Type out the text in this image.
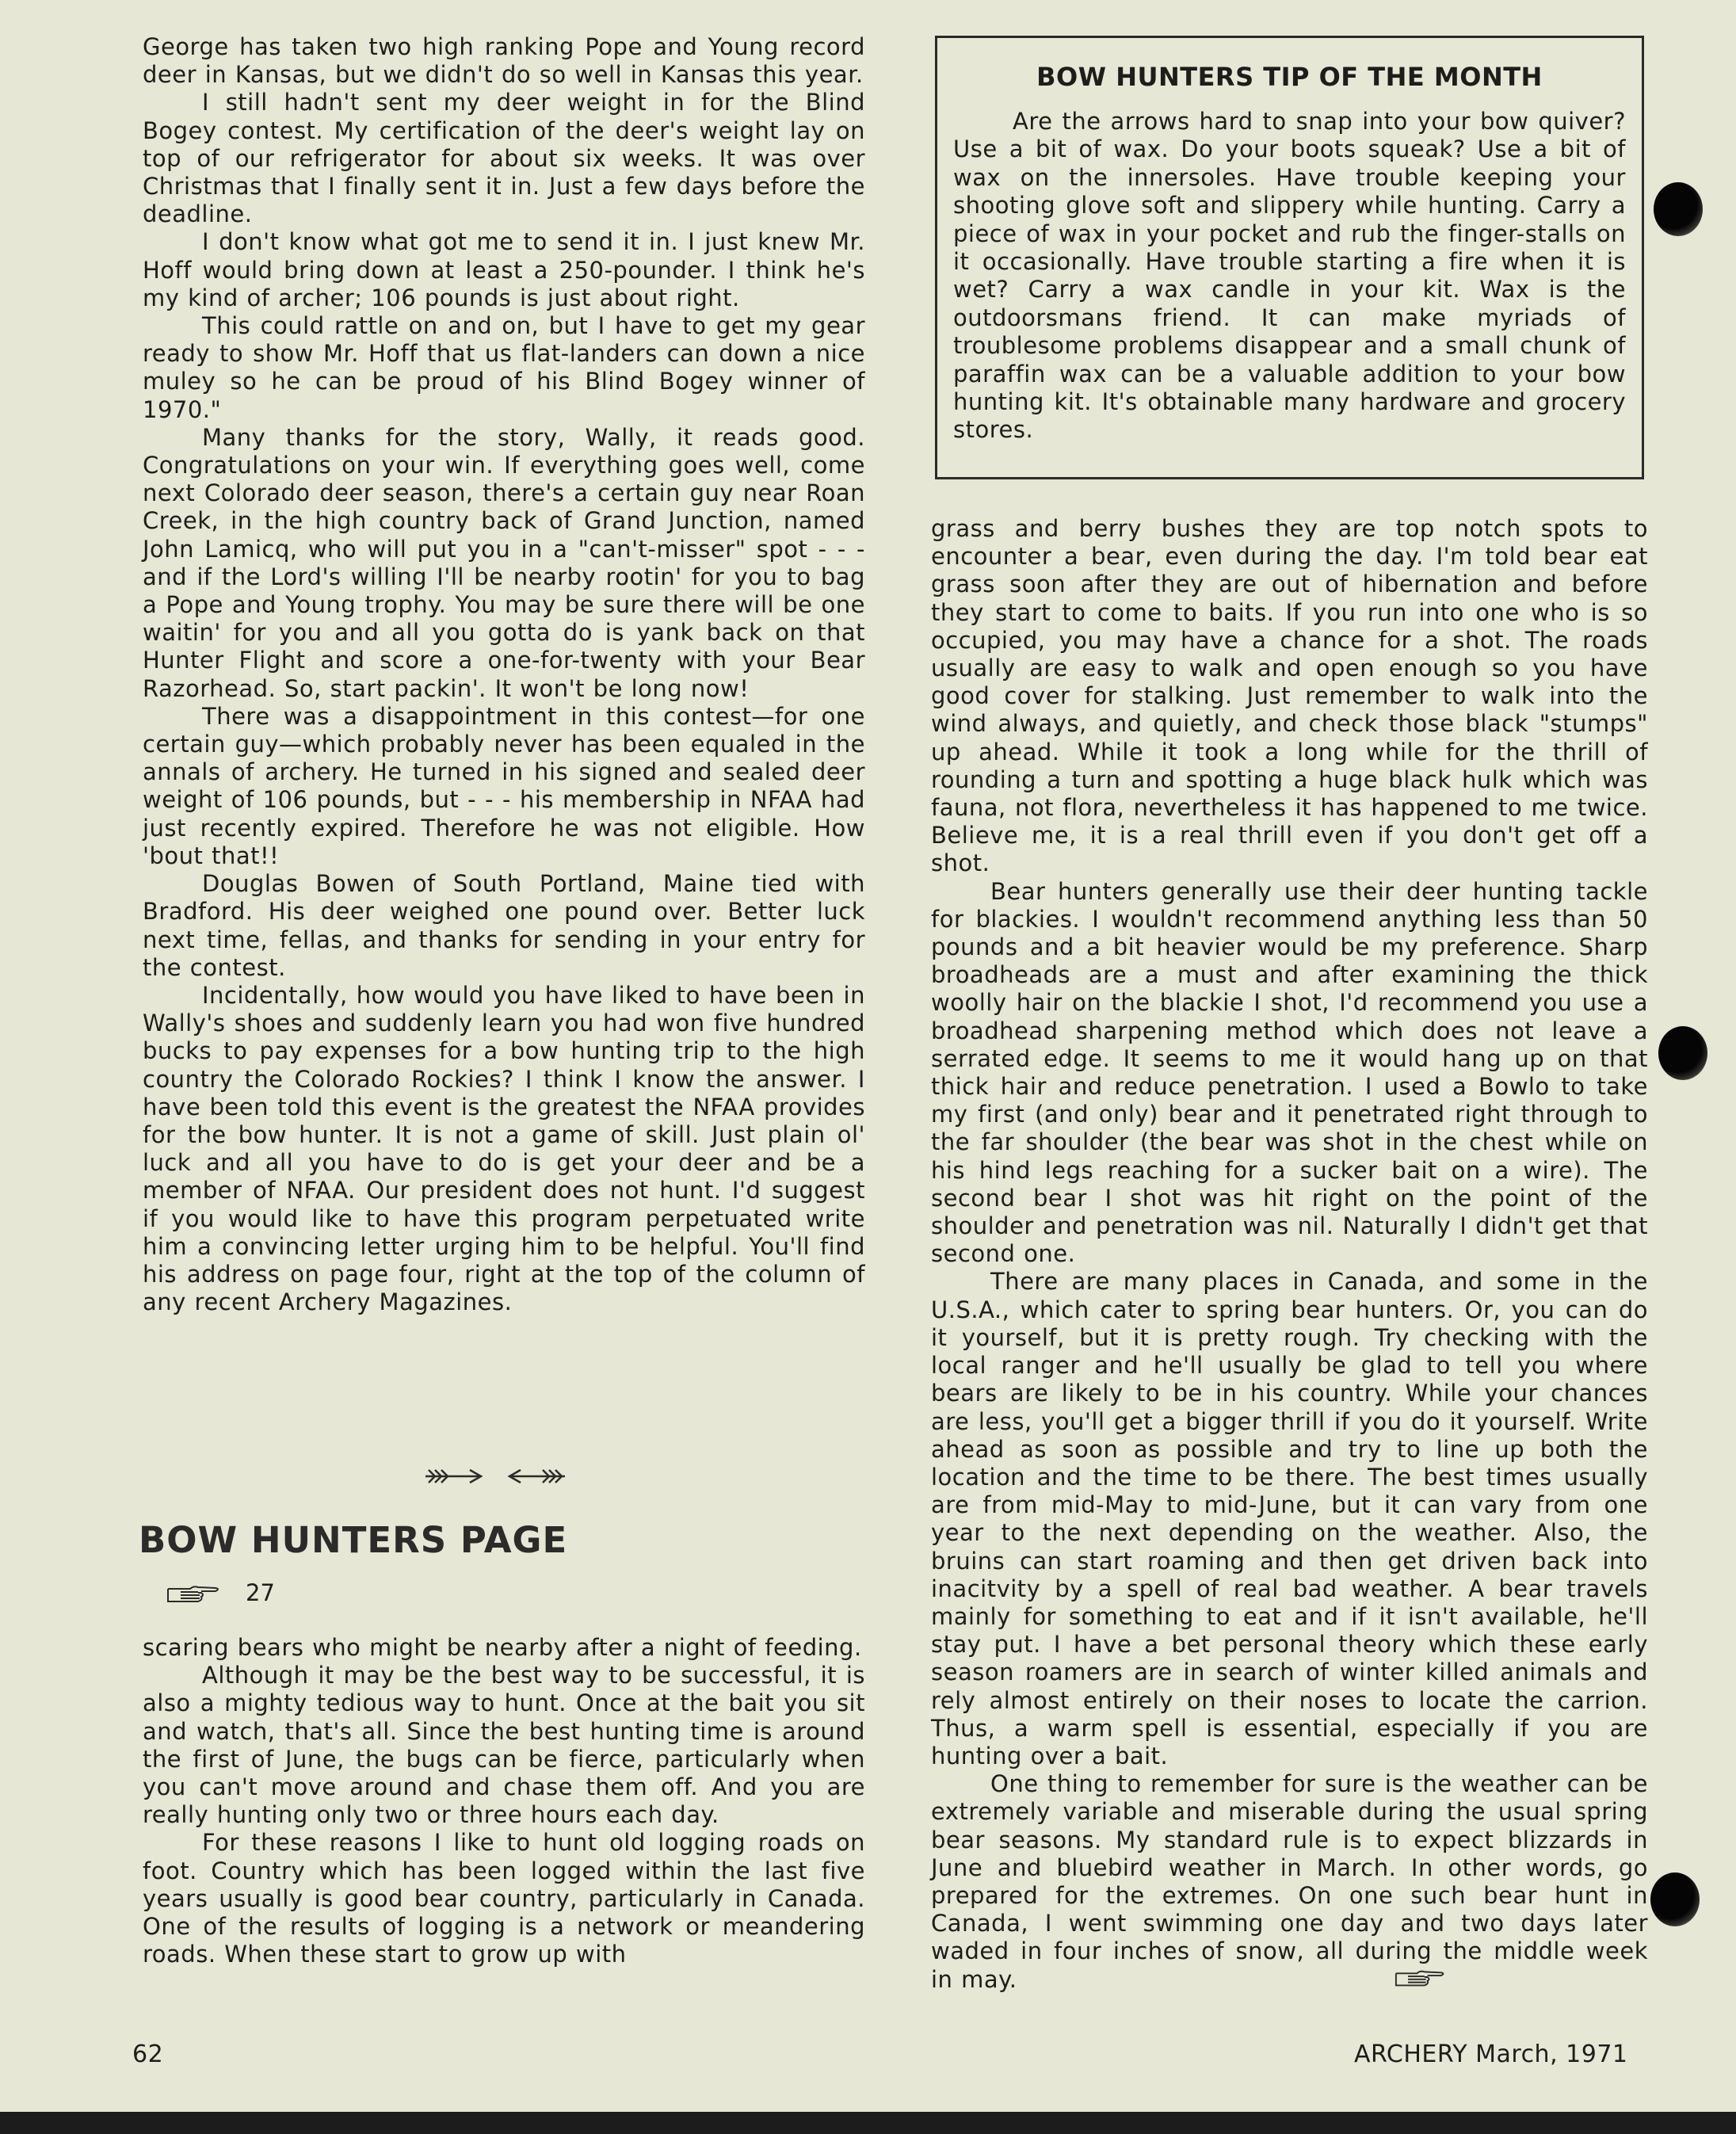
George has taken two high ranking Pope and Young record deer in Kansas, but we didn't do so well in Kansas this year.

I still hadn't sent my deer weight in for the Blind Bogey contest. My certification of the deer's weight lay on top of our refrigerator for about six weeks. It was over Christmas that I finally sent it in. Just a few days before the deadline.

I don't know what got me to send it in. I just knew Mr. Hoff would bring down at least a 250-pounder. I think he's my kind of archer; 106 pounds is just about right.

This could rattle on and on, but I have to get my gear ready to show Mr. Hoff that us flat-landers can down a nice muley so he can be proud of his Blind Bogey winner of 1970."

Many thanks for the story, Wally, it reads good. Congratulations on your win. If everything goes well, come next Colorado deer season, there's a certain guy near Roan Creek, in the high country back of Grand Junction, named John Lamicq, who will put you in a "can't-misser" spot - - - and if the Lord's willing I'll be nearby rootin' for you to bag a Pope and Young trophy. You may be sure there will be one waitin' for you and all you gotta do is yank back on that Hunter Flight and score a one-for-twenty with your Bear Razorhead. So, start packin'. It won't be long now!

There was a disappointment in this contest—for one certain guy—which probably never has been equaled in the annals of archery. He turned in his signed and sealed deer weight of 106 pounds, but - - - his membership in NFAA had just recently expired. Therefore he was not eligible. How 'bout that!!

Douglas Bowen of South Portland, Maine tied with Bradford. His deer weighed one pound over. Better luck next time, fellas, and thanks for sending in your entry for the contest.

Incidentally, how would you have liked to have been in Wally's shoes and suddenly learn you had won five hundred bucks to pay expenses for a bow hunting trip to the high country the Colorado Rockies? I think I know the answer. I have been told this event is the greatest the NFAA provides for the bow hunter. It is not a game of skill. Just plain ol' luck and all you have to do is get your deer and be a member of NFAA. Our president does not hunt. I'd suggest if you would like to have this program perpetuated write him a convincing letter urging him to be helpful. You'll find his address on page four, right at the top of the column of any recent Archery Magazines.

BOW HUNTERS PAGE
27

scaring bears who might be nearby after a night of feeding.

Although it may be the best way to be successful, it is also a mighty tedious way to hunt. Once at the bait you sit and watch, that's all. Since the best hunting time is around the first of June, the bugs can be fierce, particularly when you can't move around and chase them off. And you are really hunting only two or three hours each day.

For these reasons I like to hunt old logging roads on foot. Country which has been logged within the last five years usually is good bear country, particularly in Canada. One of the results of logging is a network or meandering roads. When these start to grow up with

BOW HUNTERS TIP OF THE MONTH

Are the arrows hard to snap into your bow quiver? Use a bit of wax. Do your boots squeak? Use a bit of wax on the innersoles. Have trouble keeping your shooting glove soft and slippery while hunting. Carry a piece of wax in your pocket and rub the finger-stalls on it occasionally. Have trouble starting a fire when it is wet? Carry a wax candle in your kit. Wax is the outdoorsmans friend. It can make myriads of troublesome problems disappear and a small chunk of paraffin wax can be a valuable addition to your bow hunting kit. It's obtainable many hardware and grocery stores.

grass and berry bushes they are top notch spots to encounter a bear, even during the day. I'm told bear eat grass soon after they are out of hibernation and before they start to come to baits. If you run into one who is so occupied, you may have a chance for a shot. The roads usually are easy to walk and open enough so you have good cover for stalking. Just remember to walk into the wind always, and quietly, and check those black "stumps" up ahead. While it took a long while for the thrill of rounding a turn and spotting a huge black hulk which was fauna, not flora, nevertheless it has happened to me twice. Believe me, it is a real thrill even if you don't get off a shot.

Bear hunters generally use their deer hunting tackle for blackies. I wouldn't recommend anything less than 50 pounds and a bit heavier would be my preference. Sharp broadheads are a must and after examining the thick woolly hair on the blackie I shot, I'd recommend you use a broadhead sharpening method which does not leave a serrated edge. It seems to me it would hang up on that thick hair and reduce penetration. I used a Bowlo to take my first (and only) bear and it penetrated right through to the far shoulder (the bear was shot in the chest while on his hind legs reaching for a sucker bait on a wire). The second bear I shot was hit right on the point of the shoulder and penetration was nil. Naturally I didn't get that second one.

There are many places in Canada, and some in the U.S.A., which cater to spring bear hunters. Or, you can do it yourself, but it is pretty rough. Try checking with the local ranger and he'll usually be glad to tell you where bears are likely to be in his country. While your chances are less, you'll get a bigger thrill if you do it yourself. Write ahead as soon as possible and try to line up both the location and the time to be there. The best times usually are from mid-May to mid-June, but it can vary from one year to the next depending on the weather. Also, the bruins can start roaming and then get driven back into inacitvity by a spell of real bad weather. A bear travels mainly for something to eat and if it isn't available, he'll stay put. I have a bet personal theory which these early season roamers are in search of winter killed animals and rely almost entirely on their noses to locate the carrion. Thus, a warm spell is essential, especially if you are hunting over a bait.

One thing to remember for sure is the weather can be extremely variable and miserable during the usual spring bear seasons. My standard rule is to expect blizzards in June and bluebird weather in March. In other words, go prepared for the extremes. On one such bear hunt in Canada, I went swimming one day and two days later waded in four inches of snow, all during the middle week in may.

62	ARCHERY March, 1971
